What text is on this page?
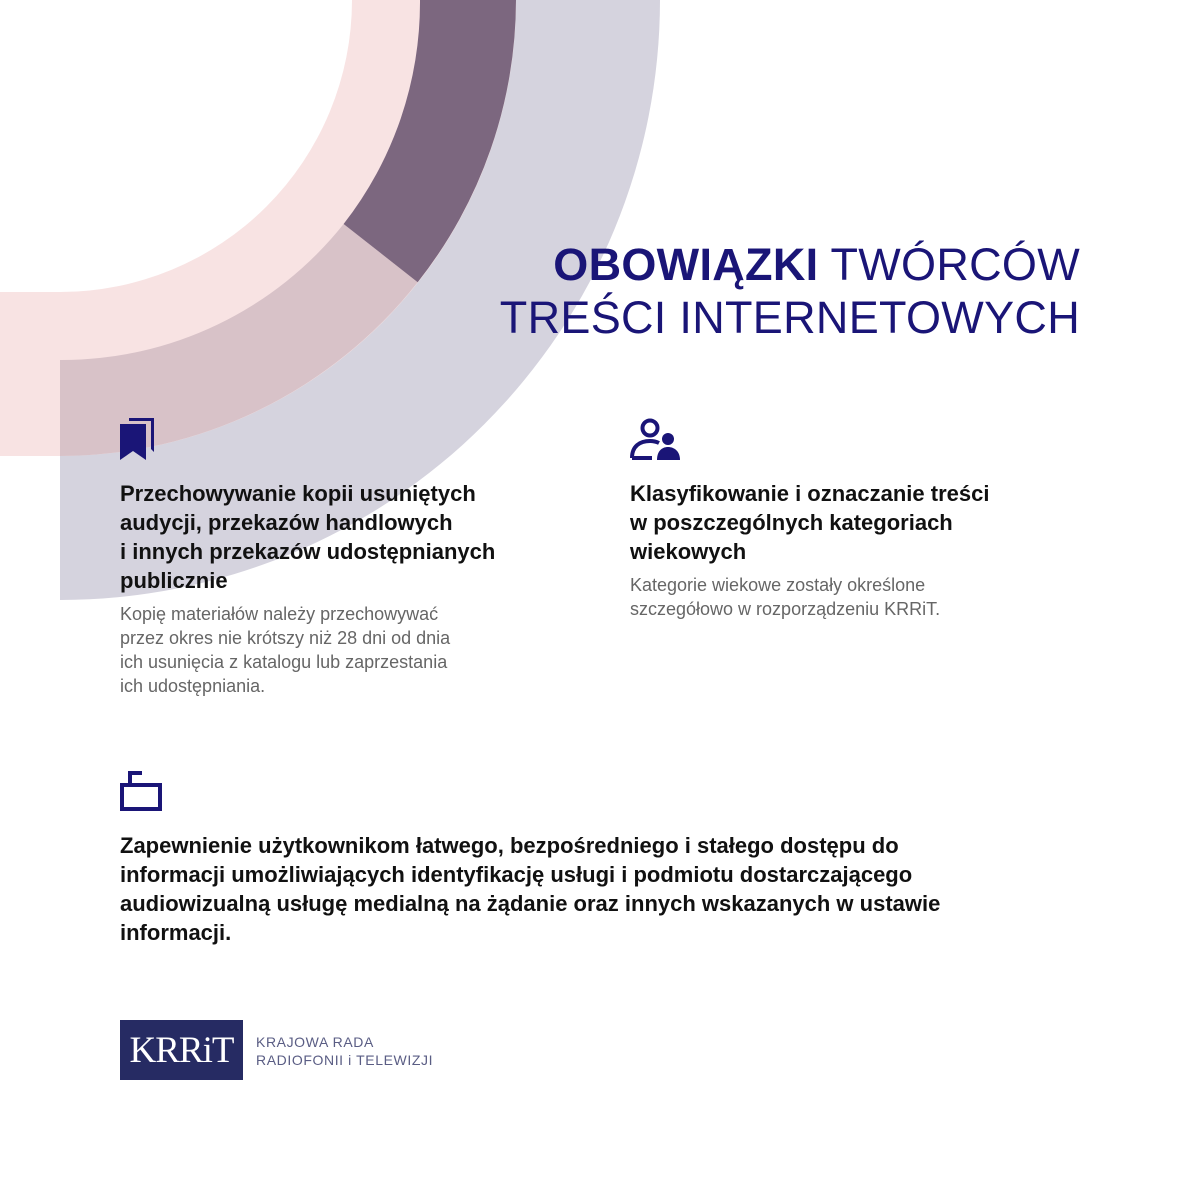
OBOWIĄZKI TWÓRCÓW
TREŚCI INTERNETOWYCH

Przechowywanie kopii usuniętych
audycji, przekazów handlowych
i innych przekazów udostępnianych
publicznie

Kopię materiałów należy przechowywać
przez okres nie krótszy niż 28 dni od dnia
ich usunięcia z katalogu lub zaprzestania
ich udostępniania.

Klasyfikowanie i oznaczanie treści
w poszczególnych kategoriach
wiekowych

Kategorie wiekowe zostały określone
szczegółowo w rozporządzeniu KRRiT.

Zapewnienie użytkownikom łatwego, bezpośredniego i stałego dostępu do
informacji umożliwiających identyfikację usługi i podmiotu dostarczającego
audiowizualną usługę medialną na żądanie oraz innych wskazanych w ustawie
informacji.

KRRiT KRAJOWA RADA
RADIOFONII i TELEWIZJI
